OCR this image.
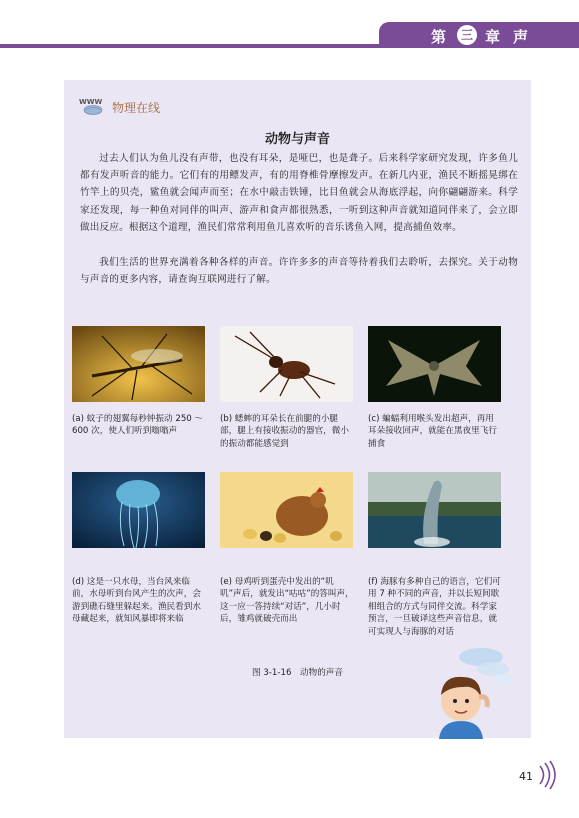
第	三 章 声
WWW 物理在线
动物与声音

过去人们认为鱼儿没有声带，也没有耳朵，是哑巴，也是聋子。后来科学家研究发现，许多鱼儿都有发声听音的能力。它们有的用鳔发声，有的用脊椎骨摩擦发声。在新几内亚，渔民不断摇晃绑在竹竿上的贝壳，鲨鱼就会闻声而至；在水中敲击铁锤，比目鱼就会从海底浮起，向你翩翩游来。科学家还发现，每一种鱼对同伴的叫声、游声和食声都很熟悉，一听到这种声音就知道同伴来了，会立即做出反应。根据这个道理，渔民们常常利用鱼儿喜欢听的音乐诱鱼入网，提高捕鱼效率。

我们生活的世界充满着各种各样的声音。许许多多的声音等待着我们去聆听，去探究。关于动物与声音的更多内容，请查询互联网进行了解。

(a) 蚊子的翅翼每秒钟振动 250 ～ 600 次，使人们听到嗡嗡声

(b) 蟋蟀的耳朵长在前腿的小腿部，腿上有接收振动的器官，微小的振动都能感觉到

(c) 蝙蝠利用喉头发出超声，再用耳朵接收回声，就能在黑夜里飞行捕食

(d) 这是一只水母，当台风来临前，水母听到台风产生的次声，会游到礁石缝里躲起来。渔民看到水母藏起来，就知风暴即将来临

(e) 母鸡听到蛋壳中发出的“叽叽”声后，就发出“咕咕”的答叫声，这一应一答持续“对话”，几小时后，雏鸡就破壳而出

(f) 海豚有多种自己的语言，它们可用 7 种不同的声音，并以长短间歇相组合的方式与同伴交流。科学家预言，一旦破译这些声音信息，就可实现人与海豚的对话

图 3-1-16　动物的声音
41
